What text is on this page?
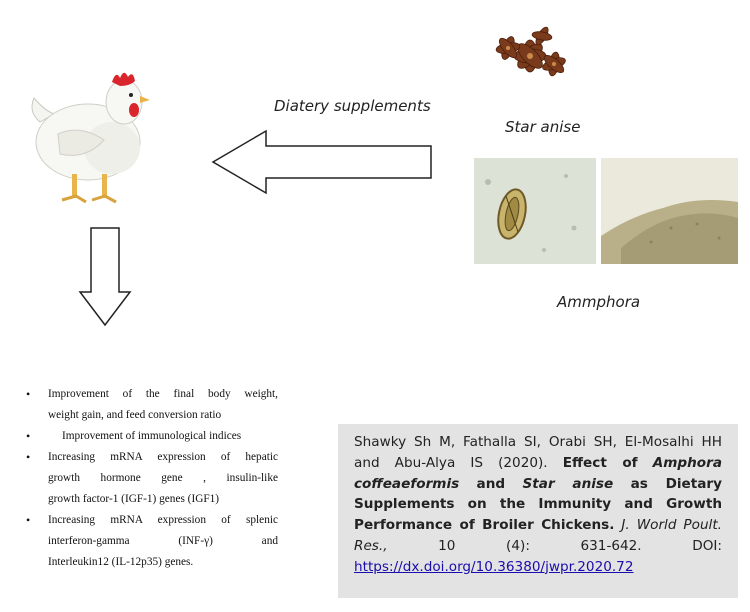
Star anise
Diatery supplements
Ammphora
• Improvement of the final body weight,
weight gain, and feed conversion ratio
• Improvement of immunological indices
• Increasing mRNA expression of hepatic
growth hormone gene , insulin-like
growth factor-1 (IGF-1) genes (IGF1)
• Increasing mRNA expression of splenic
interferon-gamma (INF-γ) and
Interleukin12 (IL-12p35) genes.
Shawky Sh M, Fathalla SI, Orabi SH, El-Mosalhi HH and Abu-Alya IS (2020). Effect of Amphora coffeaeformis and Star anise as Dietary Supplements on the Immunity and Growth Performance of Broiler Chickens. J. World Poult. Res.,	10 (4): 631-642. DOI: https://dx.doi.org/10.36380/jwpr.2020.72
